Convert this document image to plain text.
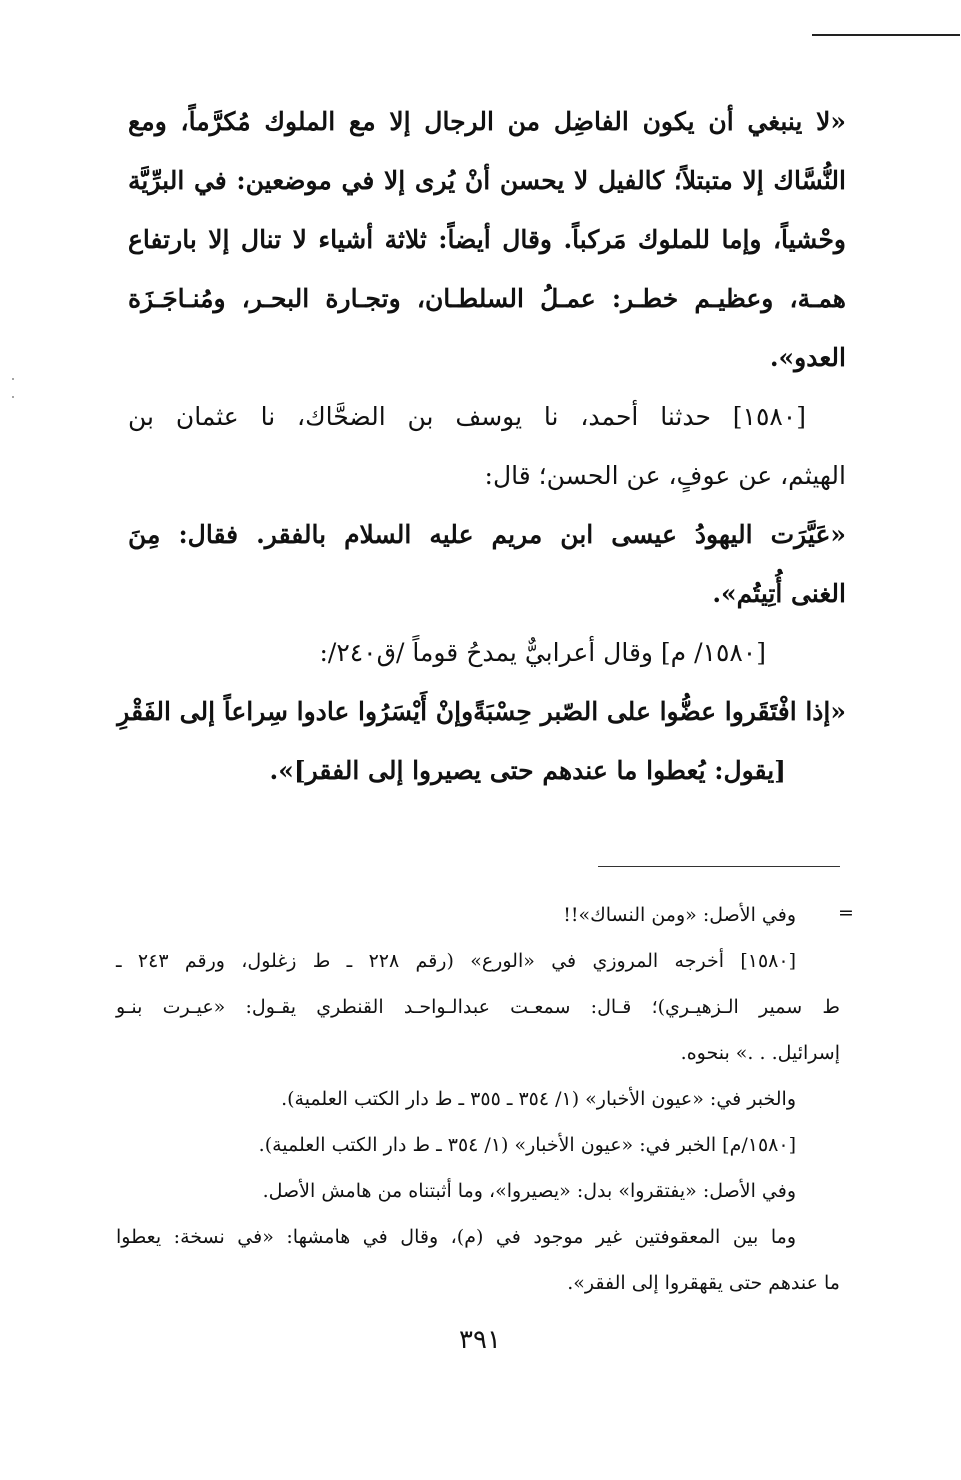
«لا ينبغي أن يكون الفاضِل من الرجال إلا مع الملوك مُكرَّماً، ومع

النُّسَّاك إلا متبتلاً؛ كالفيل لا يحسن أنْ يُرى إلا في موضعين: في البرِّيَّة

وحْشياً، وإما للملوك مَركباً. وقال أيضاً: ثلاثة أشياء لا تنال إلا بارتفاع

همـة، وعظيـم خطـر: عمـلُ السلطـان، وتجـارة البحـر، ومُنـاجَـزَة

العدو».

[١٥٨٠] حدثنا أحمد، نا يوسف بن الضحَّاك، نا عثمان بن

الهيثم، عن عوفٍ، عن الحسن؛ قال:

«عَيَّرَت اليهودُ عيسى ابن مريم عليه السلام بالفقر. فقال: مِنَ

الغنى أُتِيتُم».

[١٥٨٠/ م] وقال أعرابيٌّ يمدحُ قوماً /ق٢٤٠/:

«إذا افْتَقَروا عضُّوا على الصّبر حِسْبَةً
وإنْ أَيْسَرُوا عادوا سِراعاً إلى الفَقْرِ

[يقول: يُعطوا ما عندهم حتى يصيروا إلى الفقر]».

=

وفي الأصل: «ومن النساك»!!

[١٥٨٠] أخرجه المروزي في «الورع» (رقم ٢٢٨ ـ ط زغلول، ورقم ٢٤٣ ـ

ط سمير الـزهيـري)؛ قـال: سمعـت عبدالـواحـد القنطري يقـول: «عيـرت بنـو

إسرائيل. . .» بنحوه.

والخبر في: «عيون الأخبار» (١/ ٣٥٤ ـ ٣٥٥ ـ ط دار الكتب العلمية).

[١٥٨٠/م] الخبر في: «عيون الأخبار» (١/ ٣٥٤ ـ ط دار الكتب العلمية).

وفي الأصل: «يفتقروا» بدل: «يصيروا»، وما أثبتناه من هامش الأصل.

وما بين المعقوفتين غير موجود في (م)، وقال في هامشها: «في نسخة: يعطوا

ما عندهم حتى يقهقروا إلى الفقر».

٣٩١
